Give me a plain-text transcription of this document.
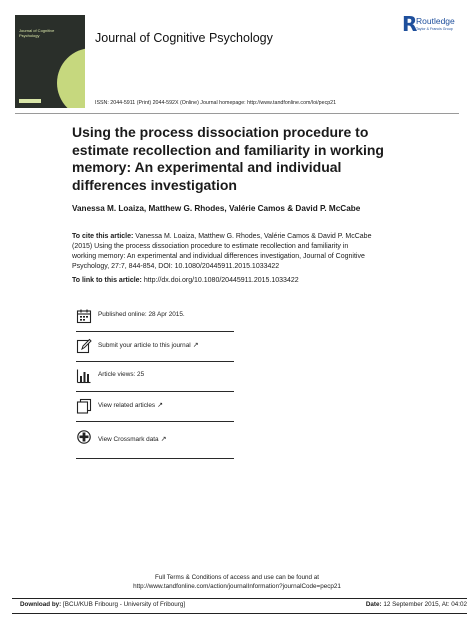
Journal of Cognitive Psychology	Journal of Cognitive Psychology
R
Routledge
Taylor & Francis Group
ISSN: 2044-5911 (Print) 2044-592X (Online) Journal homepage: http://www.tandfonline.com/loi/pecp21
Using the process dissociation procedure to estimate recollection and familiarity in working memory: An experimental and individual differences investigation
Vanessa M. Loaiza, Matthew G. Rhodes, Valérie Camos & David P. McCabe

To cite this article: Vanessa M. Loaiza, Matthew G. Rhodes, Valérie Camos & David P. McCabe (2015) Using the process dissociation procedure to estimate recollection and familiarity in working memory: An experimental and individual differences investigation, Journal of Cognitive Psychology, 27:7, 844-854, DOI: 10.1080/20445911.2015.1033422

To link to this article: http://dx.doi.org/10.1080/20445911.2015.1033422
Published online: 28 Apr 2015.
Submit your article to this journal ↗
Article views: 25
View related articles ↗
View Crossmark data ↗
Full Terms & Conditions of access and use can be found at
http://www.tandfonline.com/action/journalInformation?journalCode=pecp21
Download by: [BCU/KUB Fribourg - University of Fribourg]	Date: 12 September 2015, At: 04:02
